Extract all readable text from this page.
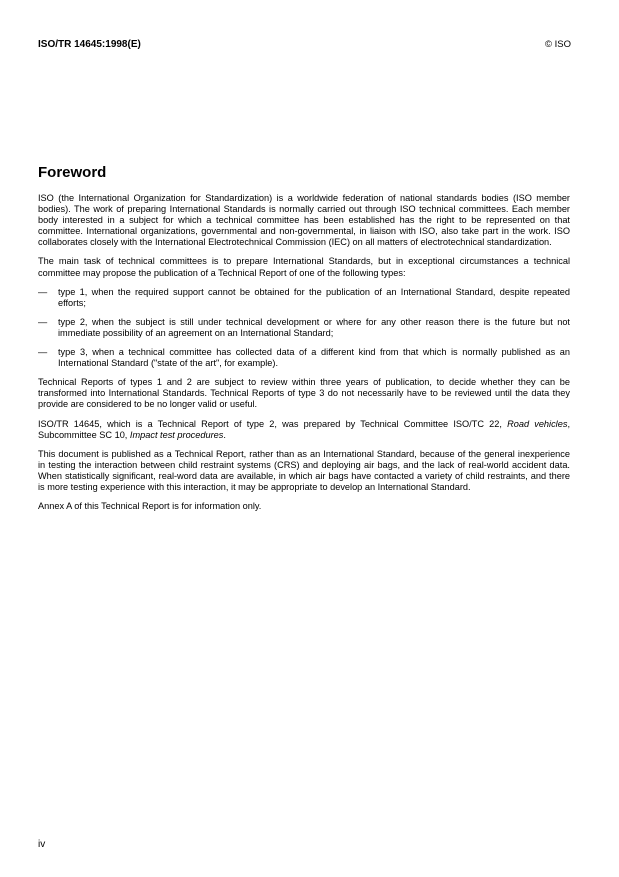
ISO/TR 14645:1998(E)	© ISO
Foreword

ISO (the International Organization for Standardization) is a worldwide federation of national standards bodies (ISO member bodies). The work of preparing International Standards is normally carried out through ISO technical committees. Each member body interested in a subject for which a technical committee has been established has the right to be represented on that committee. International organizations, governmental and non-governmental, in liaison with ISO, also take part in the work. ISO collaborates closely with the International Electrotechnical Commission (IEC) on all matters of electrotechnical standardization.

The main task of technical committees is to prepare International Standards, but in exceptional circumstances a technical committee may propose the publication of a Technical Report of one of the following types:

—	type 1, when the required support cannot be obtained for the publication of an International Standard, despite repeated efforts;
—	type 2, when the subject is still under technical development or where for any other reason there is the future but not immediate possibility of an agreement on an International Standard;
—	type 3, when a technical committee has collected data of a different kind from that which is normally published as an International Standard ("state of the art", for example).

Technical Reports of types 1 and 2 are subject to review within three years of publication, to decide whether they can be transformed into International Standards. Technical Reports of type 3 do not necessarily have to be reviewed until the data they provide are considered to be no longer valid or useful.

ISO/TR 14645, which is a Technical Report of type 2, was prepared by Technical Committee ISO/TC 22, Road vehicles, Subcommittee SC 10, Impact test procedures.

This document is published as a Technical Report, rather than as an International Standard, because of the general inexperience in testing the interaction between child restraint systems (CRS) and deploying air bags, and the lack of real-world accident data. When statistically significant, real-word data are available, in which air bags have contacted a variety of child restraints, and there is more testing experience with this interaction, it may be appropriate to develop an International Standard.

Annex A of this Technical Report is for information only.

iv
